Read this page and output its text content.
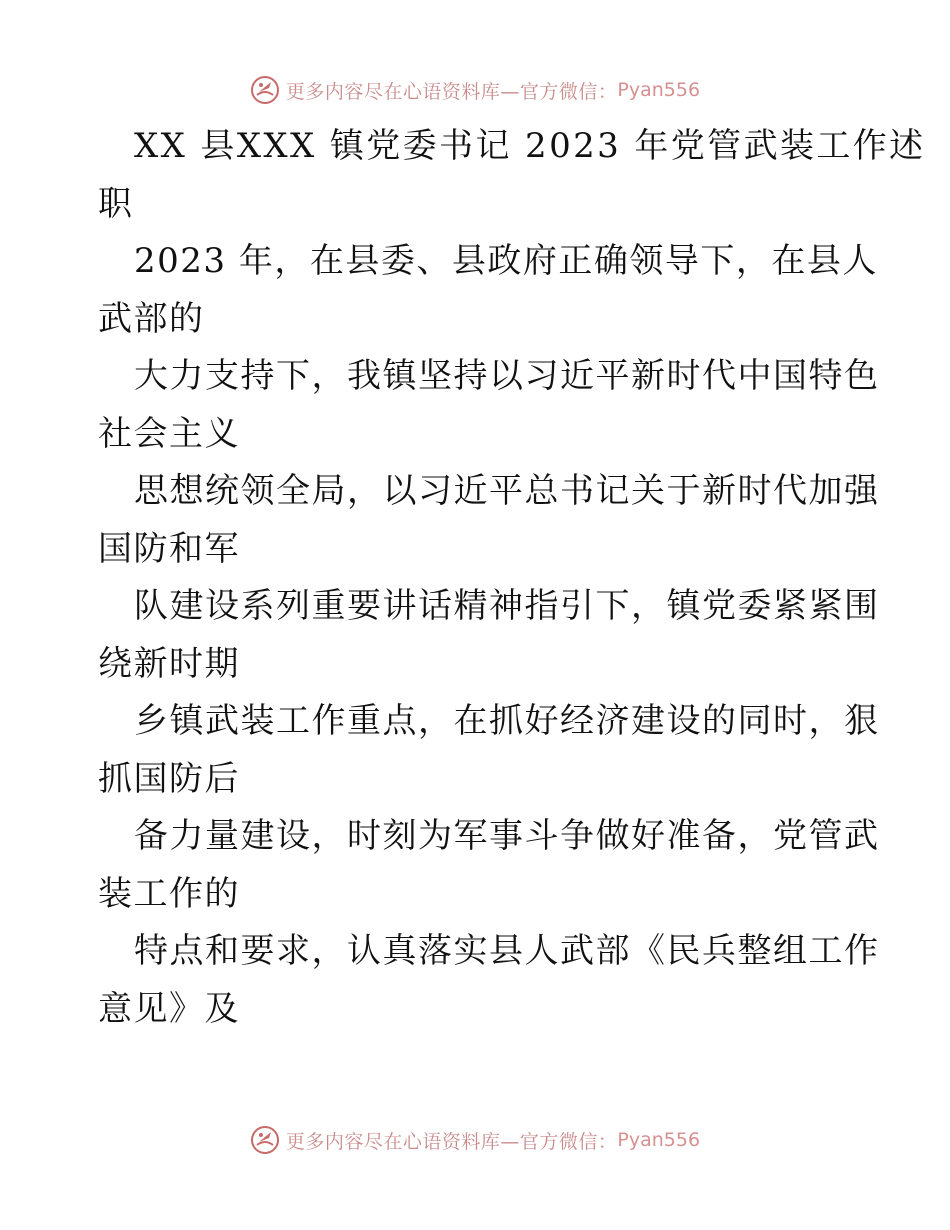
更多内容尽在心语资料库—官方微信： Pyan556
XX 县XXX 镇党委书记 2023 年党管武装工作述
职
2023 年，在县委、县政府正确领导下，在县人
武部的
大力支持下，我镇坚持以习近平新时代中国特色
社会主义
思想统领全局，以习近平总书记关于新时代加强
国防和军
队建设系列重要讲话精神指引下，镇党委紧紧围
绕新时期
乡镇武装工作重点，在抓好经济建设的同时，狠
抓国防后
备力量建设，时刻为军事斗争做好准备，党管武
装工作的
特点和要求，认真落实县人武部《民兵整组工作
意见》及
更多内容尽在心语资料库—官方微信： Pyan556
